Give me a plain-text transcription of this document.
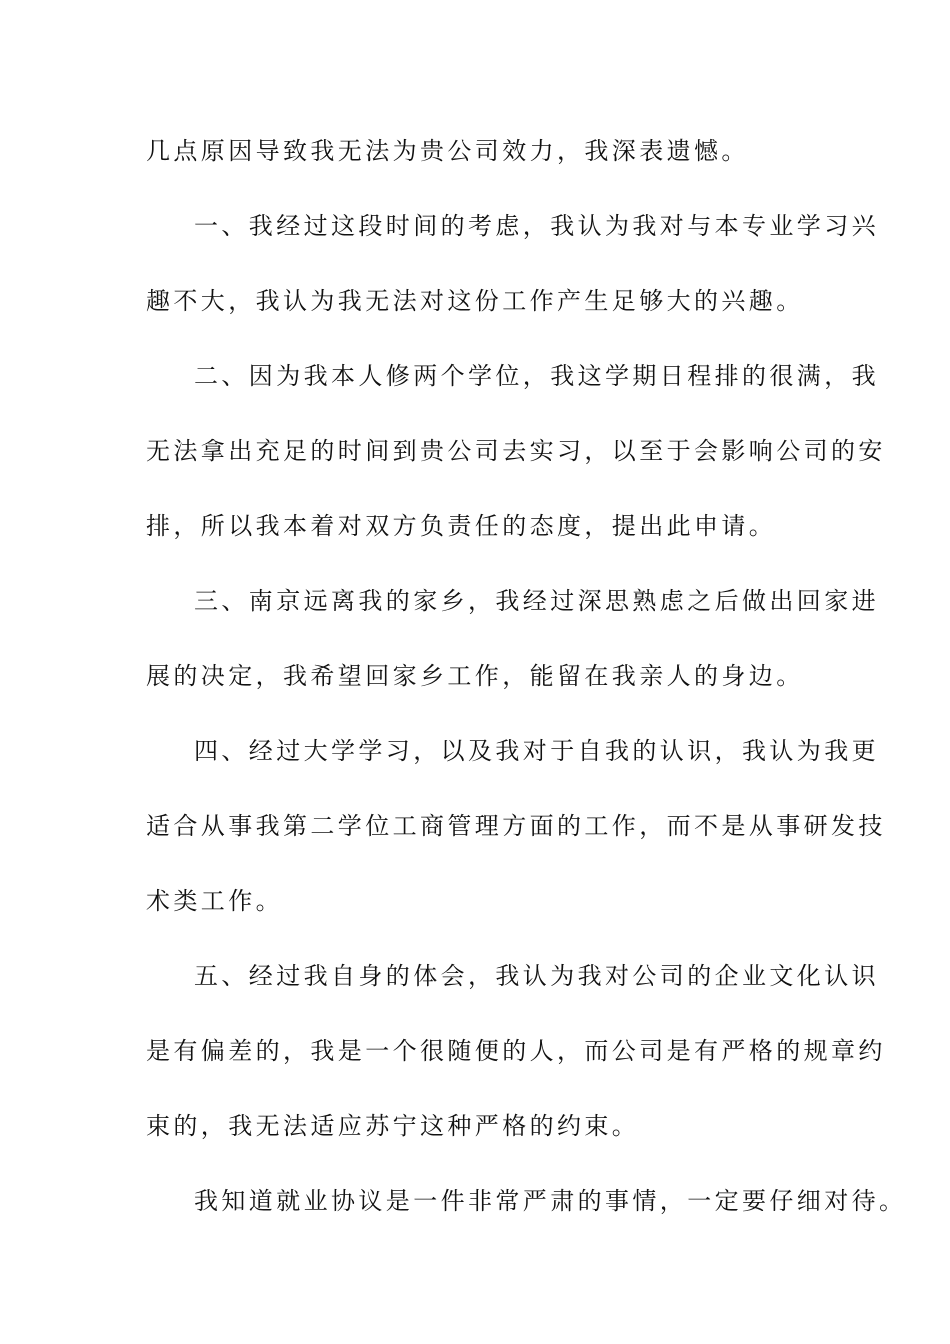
几点原因导致我无法为贵公司效力，我深表遗憾。
一、我经过这段时间的考虑，我认为我对与本专业学习兴
趣不大，我认为我无法对这份工作产生足够大的兴趣。
二、因为我本人修两个学位，我这学期日程排的很满，我
无法拿出充足的时间到贵公司去实习，以至于会影响公司的安
排，所以我本着对双方负责任的态度，提出此申请。
三、南京远离我的家乡，我经过深思熟虑之后做出回家进
展的决定，我希望回家乡工作，能留在我亲人的身边。
四、经过大学学习，以及我对于自我的认识，我认为我更
适合从事我第二学位工商管理方面的工作，而不是从事研发技
术类工作。
五、经过我自身的体会，我认为我对公司的企业文化认识
是有偏差的，我是一个很随便的人，而公司是有严格的规章约
束的，我无法适应苏宁这种严格的约束。
我知道就业协议是一件非常严肃的事情，一定要仔细对待。
